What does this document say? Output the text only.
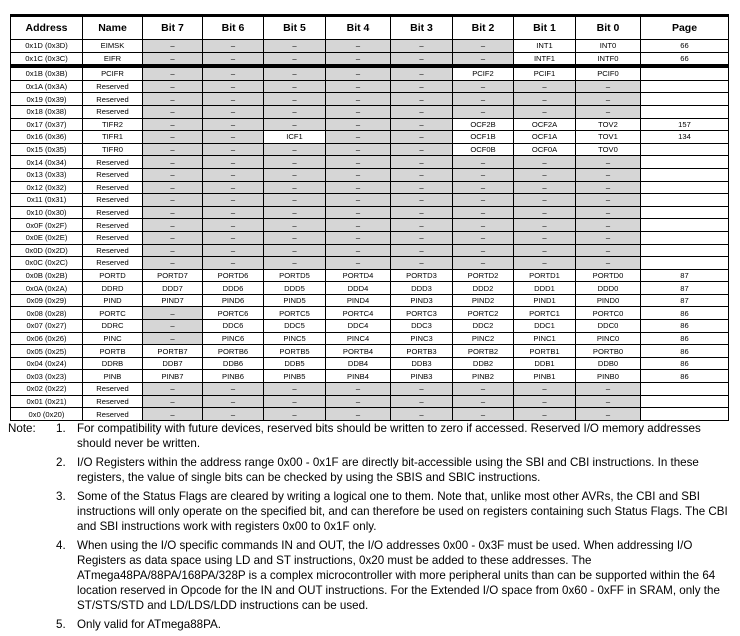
Address	Name	Bit 7	Bit 6	Bit 5	Bit 4	Bit 3	Bit 2	Bit 1	Bit 0	Page
0x1D (0x3D)	EIMSK	–	–	–	–	–	–	INT1	INT0	66
0x1C (0x3C)	EIFR	–	–	–	–	–	–	INTF1	INTF0	66
0x1B (0x3B)	PCIFR	–	–	–	–	–	PCIF2	PCIF1	PCIF0	
0x1A (0x3A)	Reserved	–	–	–	–	–	–	–	–	
0x19 (0x39)	Reserved	–	–	–	–	–	–	–	–	
0x18 (0x38)	Reserved	–	–	–	–	–	–	–	–	
0x17 (0x37)	TIFR2	–	–	–	–	–	OCF2B	OCF2A	TOV2	157
0x16 (0x36)	TIFR1	–	–	ICF1	–	–	OCF1B	OCF1A	TOV1	134
0x15 (0x35)	TIFR0	–	–	–	–	–	OCF0B	OCF0A	TOV0	
0x14 (0x34)	Reserved	–	–	–	–	–	–	–	–	
0x13 (0x33)	Reserved	–	–	–	–	–	–	–	–	
0x12 (0x32)	Reserved	–	–	–	–	–	–	–	–	
0x11 (0x31)	Reserved	–	–	–	–	–	–	–	–	
0x10 (0x30)	Reserved	–	–	–	–	–	–	–	–	
0x0F (0x2F)	Reserved	–	–	–	–	–	–	–	–	
0x0E (0x2E)	Reserved	–	–	–	–	–	–	–	–	
0x0D (0x2D)	Reserved	–	–	–	–	–	–	–	–	
0x0C (0x2C)	Reserved	–	–	–	–	–	–	–	–	
0x0B (0x2B)	PORTD	PORTD7	PORTD6	PORTD5	PORTD4	PORTD3	PORTD2	PORTD1	PORTD0	87
0x0A (0x2A)	DDRD	DDD7	DDD6	DDD5	DDD4	DDD3	DDD2	DDD1	DDD0	87
0x09 (0x29)	PIND	PIND7	PIND6	PIND5	PIND4	PIND3	PIND2	PIND1	PIND0	87
0x08 (0x28)	PORTC	–	PORTC6	PORTC5	PORTC4	PORTC3	PORTC2	PORTC1	PORTC0	86
0x07 (0x27)	DDRC	–	DDC6	DDC5	DDC4	DDC3	DDC2	DDC1	DDC0	86
0x06 (0x26)	PINC	–	PINC6	PINC5	PINC4	PINC3	PINC2	PINC1	PINC0	86
0x05 (0x25)	PORTB	PORTB7	PORTB6	PORTB5	PORTB4	PORTB3	PORTB2	PORTB1	PORTB0	86
0x04 (0x24)	DDRB	DDB7	DDB6	DDB5	DDB4	DDB3	DDB2	DDB1	DDB0	86
0x03 (0x23)	PINB	PINB7	PINB6	PINB5	PINB4	PINB3	PINB2	PINB1	PINB0	86
0x02 (0x22)	Reserved	–	–	–	–	–	–	–	–	
0x01 (0x21)	Reserved	–	–	–	–	–	–	–	–	
0x0 (0x20)	Reserved	–	–	–	–	–	–	–	–	
Note: 1. For compatibility with future devices, reserved bits should be written to zero if accessed. Reserved I/O memory addresses should never be written.
2. I/O Registers within the address range 0x00 - 0x1F are directly bit-accessible using the SBI and CBI instructions. In these registers, the value of single bits can be checked by using the SBIS and SBIC instructions.
3. Some of the Status Flags are cleared by writing a logical one to them. Note that, unlike most other AVRs, the CBI and SBI instructions will only operate on the specified bit, and can therefore be used on registers containing such Status Flags. The CBI and SBI instructions work with registers 0x00 to 0x1F only.
4. When using the I/O specific commands IN and OUT, the I/O addresses 0x00 - 0x3F must be used. When addressing I/O Registers as data space using LD and ST instructions, 0x20 must be added to these addresses. The ATmega48PA/88PA/168PA/328P is a complex microcontroller with more peripheral units than can be supported within the 64 location reserved in Opcode for the IN and OUT instructions. For the Extended I/O space from 0x60 - 0xFF in SRAM, only the ST/STS/STD and LD/LDS/LDD instructions can be used.
5. Only valid for ATmega88PA.
